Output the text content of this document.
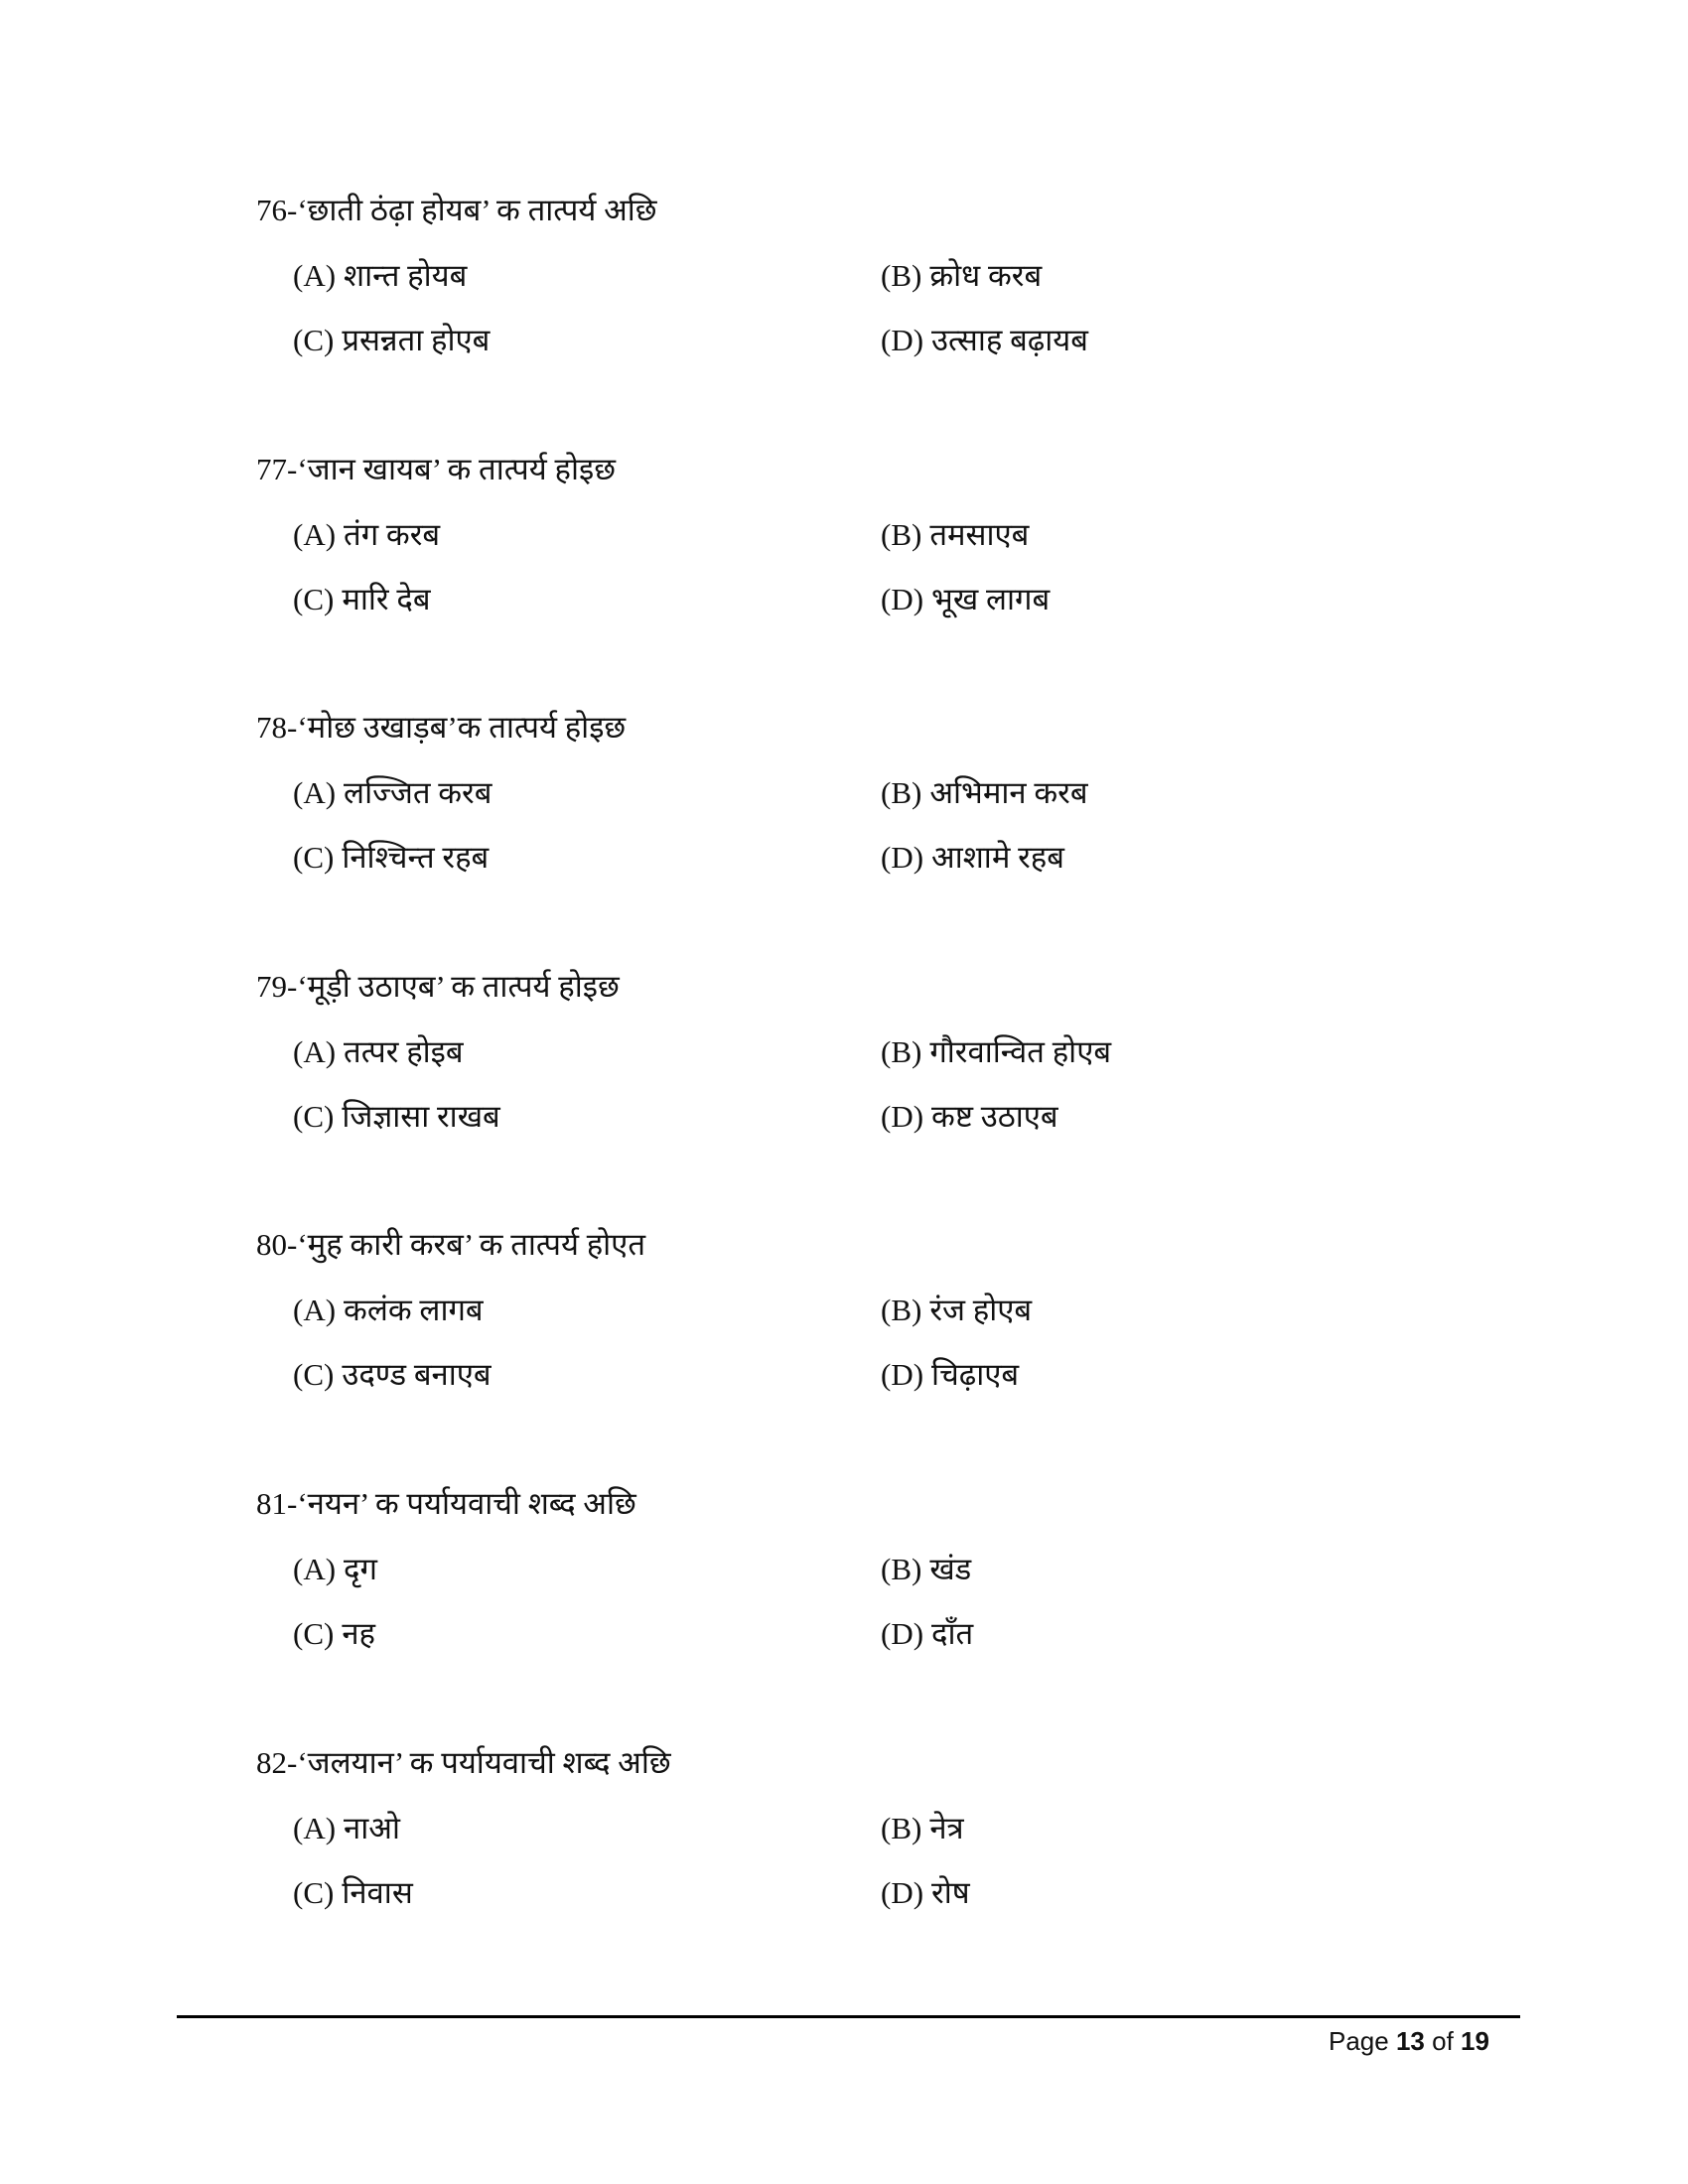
76-‘छाती ठंढ़ा होयब’ क तात्पर्य अछि
(A) शान्त होयब	(B) क्रोध करब
(C) प्रसन्नता होएब	(D) उत्साह बढ़ायब
77-‘जान खायब’ क तात्पर्य होइछ
(A) तंग करब	(B) तमसाएब
(C) मारि देब	(D) भूख लागब
78-‘मोछ उखाड़ब’क तात्पर्य होइछ
(A) लज्जित करब	(B) अभिमान करब
(C) निश्चिन्त रहब	(D) आशामे रहब
79-‘मूड़ी उठाएब’ क तात्पर्य होइछ
(A) तत्पर होइब	(B) गौरवान्वित होएब
(C) जिज्ञासा राखब	(D) कष्ट उठाएब
80-‘मुह कारी करब’ क तात्पर्य होएत
(A) कलंक लागब	(B) रंज होएब
(C) उदण्ड बनाएब	(D) चिढ़ाएब
81-‘नयन’ क पर्यायवाची शब्द अछि
(A) दृग	(B) खंड
(C) नह	(D) दाँत
82-‘जलयान’ क पर्यायवाची शब्द अछि
(A) नाओ	(B) नेत्र
(C) निवास	(D) रोष
Page 13 of 19
